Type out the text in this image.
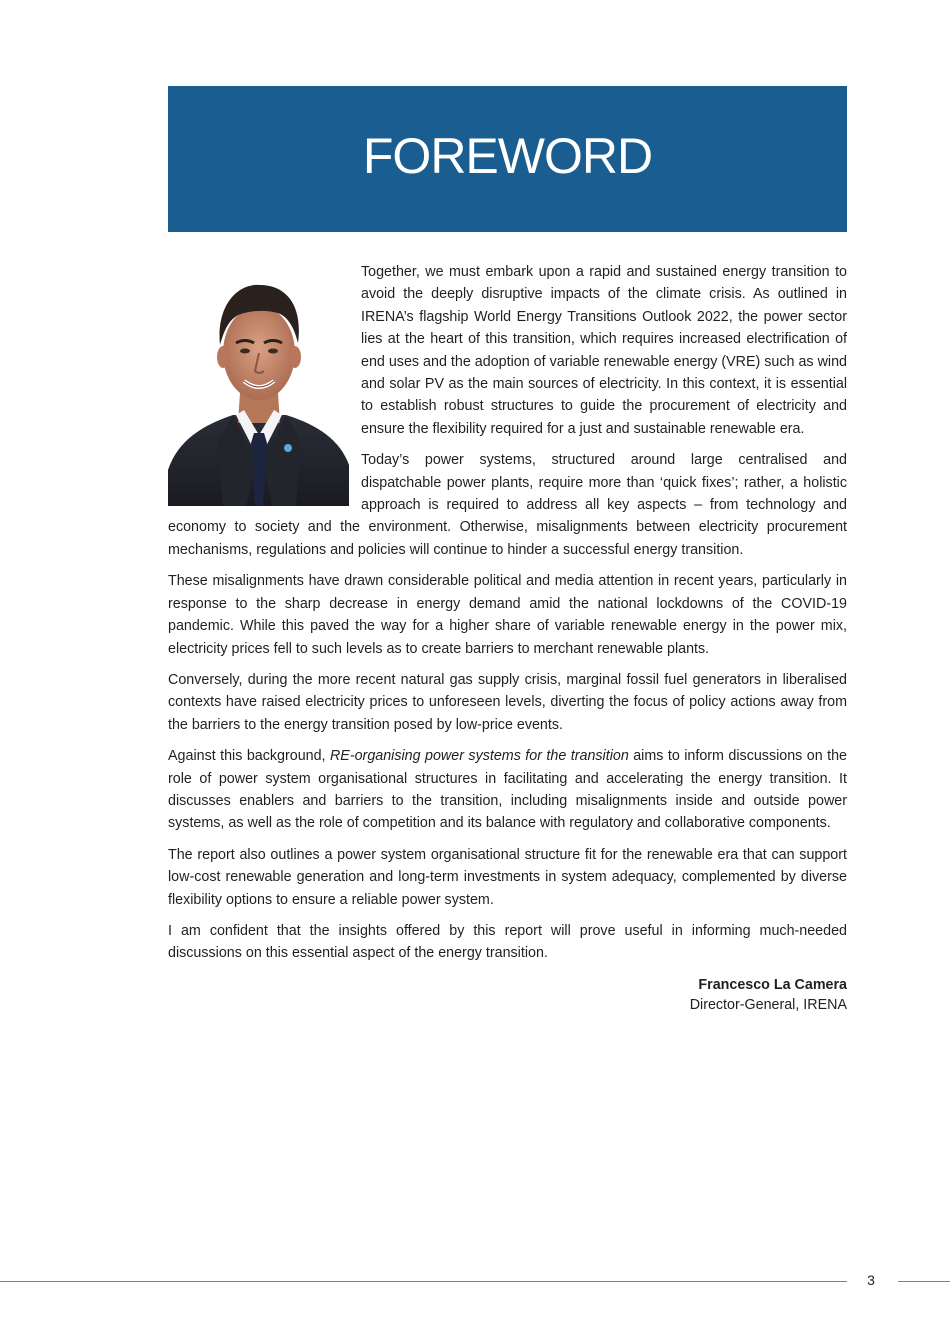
FOREWORD

Together, we must embark upon a rapid and sustained energy transition to avoid the deeply disruptive impacts of the climate crisis. As outlined in IRENA’s flagship World Energy Transitions Outlook 2022, the power sector lies at the heart of this transition, which requires increased electrification of end uses and the adoption of variable renewable energy (VRE) such as wind and solar PV as the main sources of electricity. In this context, it is essential to establish robust structures to guide the procurement of electricity and ensure the flexibility required for a just and sustainable renewable era.

Today’s power systems, structured around large centralised and dispatchable power plants, require more than ‘quick fixes’; rather, a holistic approach is required to address all key aspects – from technology and economy to society and the environment. Otherwise, misalignments between electricity procurement mechanisms, regulations and policies will continue to hinder a successful energy transition.

These misalignments have drawn considerable political and media attention in recent years, particularly in response to the sharp decrease in energy demand amid the national lockdowns of the COVID-19 pandemic. While this paved the way for a higher share of variable renewable energy in the power mix, electricity prices fell to such levels as to create barriers to merchant renewable plants.

Conversely, during the more recent natural gas supply crisis, marginal fossil fuel generators in liberalised contexts have raised electricity prices to unforeseen levels, diverting the focus of policy actions away from the barriers to the energy transition posed by low-price events.

Against this background, RE-organising power systems for the transition aims to inform discussions on the role of power system organisational structures in facilitating and accelerating the energy transition. It discusses enablers and barriers to the transition, including misalignments inside and outside power systems, as well as the role of competition and its balance with regulatory and collaborative components.

The report also outlines a power system organisational structure fit for the renewable era that can support low-cost renewable generation and long-term investments in system adequacy, complemented by diverse flexibility options to ensure a reliable power system.

I am confident that the insights offered by this report will prove useful in informing much-needed discussions on this essential aspect of the energy transition.

Francesco La Camera
Director-General, IRENA
3
